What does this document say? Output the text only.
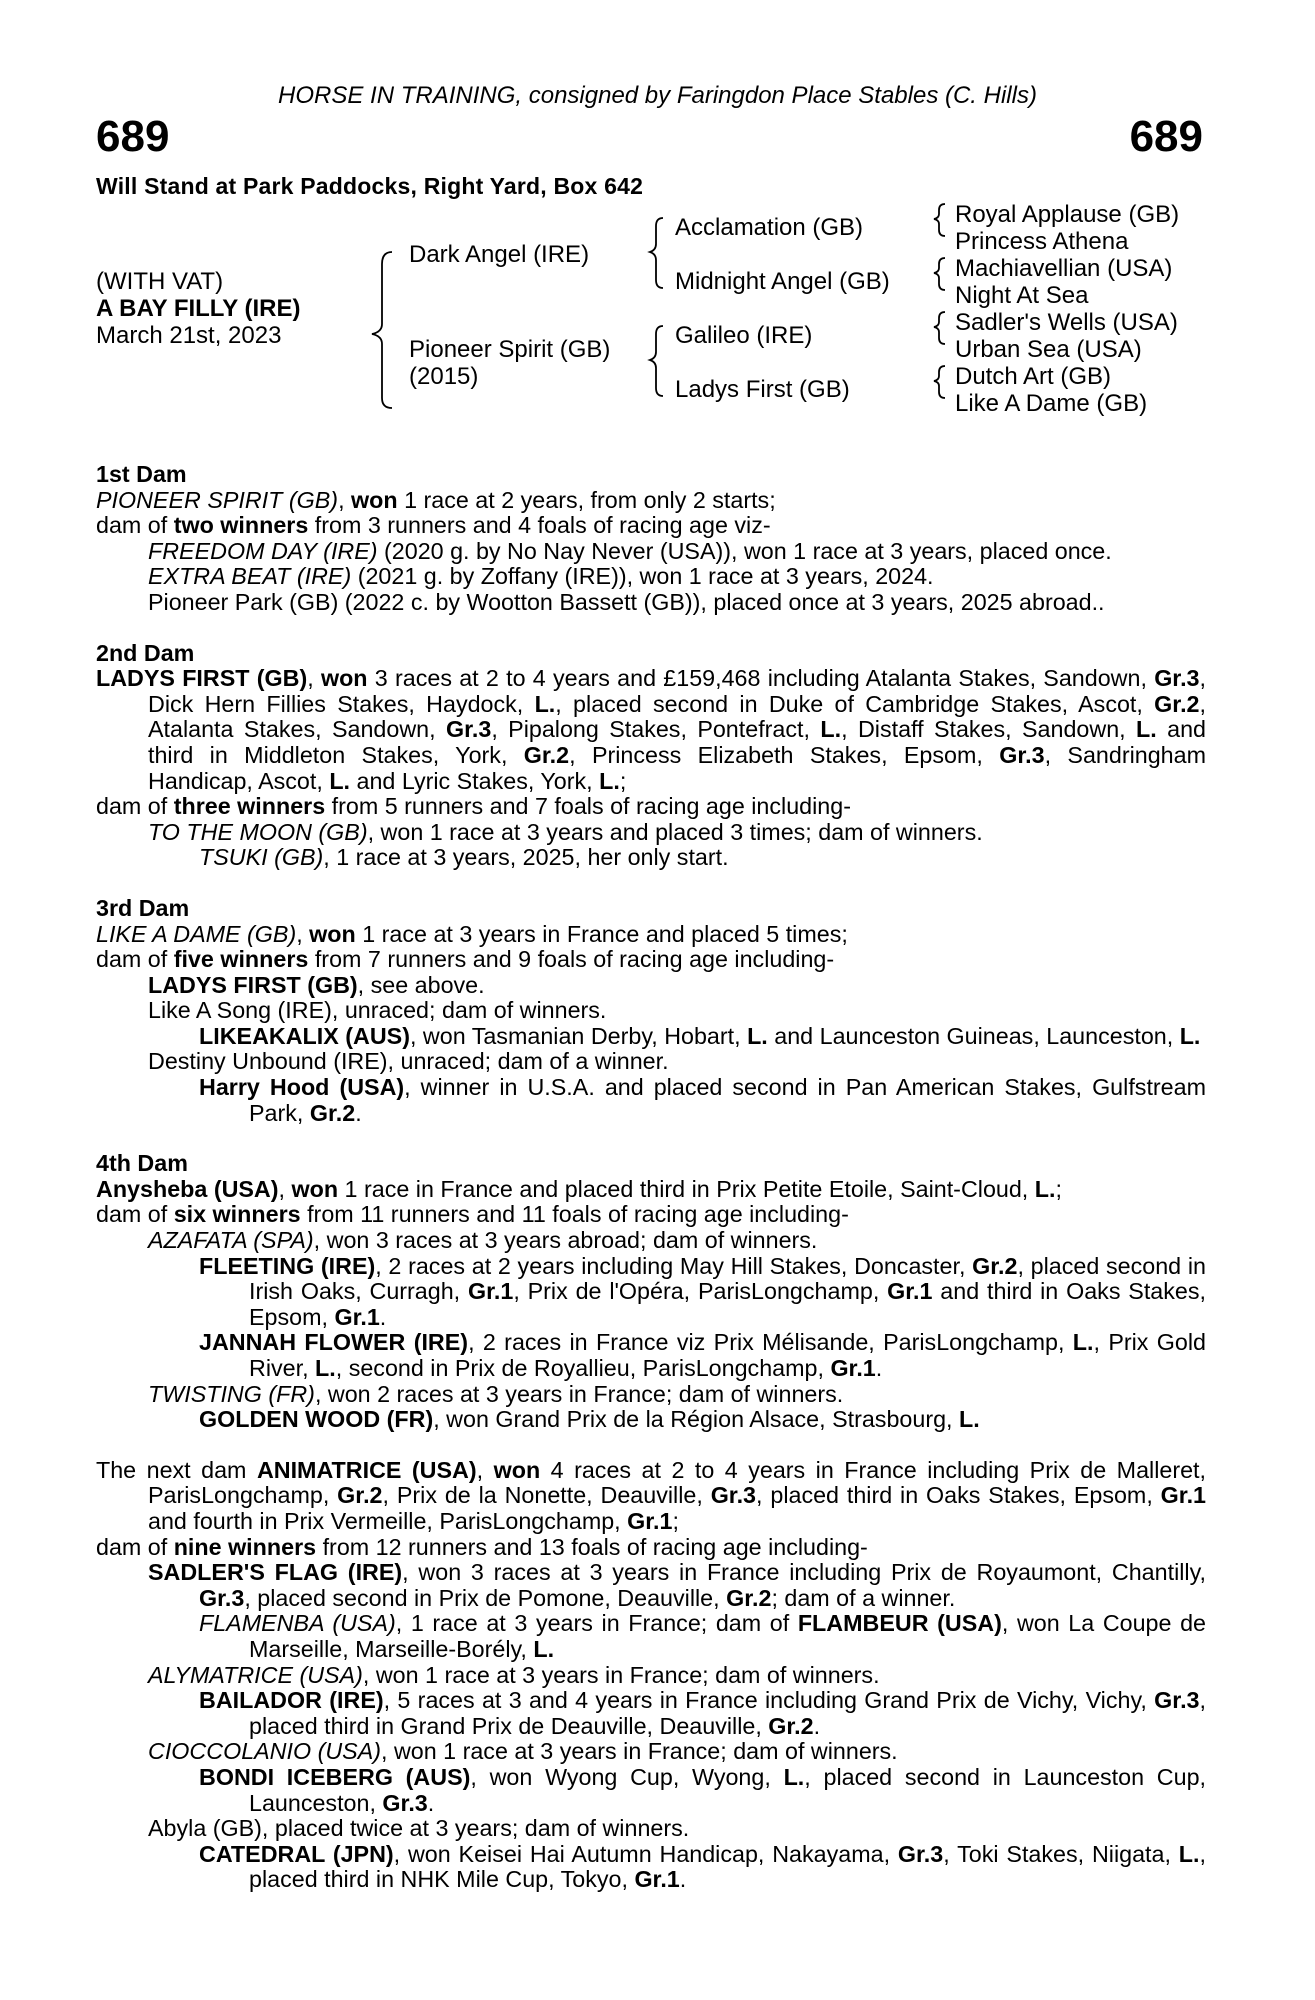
HORSE IN TRAINING, consigned by Faringdon Place Stables (C. Hills)

689	689

Will Stand at Park Paddocks, Right Yard, Box 642

(WITH VAT)

A BAY FILLY (IRE)

March 21st, 2023

Dark Angel (IRE)

Pioneer Spirit (GB)

(2015)

Acclamation (GB)

Midnight Angel (GB)

Galileo (IRE)

Ladys First (GB)

Royal Applause (GB)

Princess Athena

Machiavellian (USA)

Night At Sea

Sadler's Wells (USA)

Urban Sea (USA)

Dutch Art (GB)

Like A Dame (GB)

1st Dam

PIONEER SPIRIT (GB), won 1 race at 2 years, from only 2 starts;

dam of two winners from 3 runners and 4 foals of racing age viz-

FREEDOM DAY (IRE) (2020 g. by No Nay Never (USA)), won 1 race at 3 years, placed once.

EXTRA BEAT (IRE) (2021 g. by Zoffany (IRE)), won 1 race at 3 years, 2024.

Pioneer Park (GB) (2022 c. by Wootton Bassett (GB)), placed once at 3 years, 2025 abroad..

2nd Dam

LADYS FIRST (GB), won 3 races at 2 to 4 years and £159,468 including Atalanta Stakes, Sandown, Gr.3, Dick Hern Fillies Stakes, Haydock, L., placed second in Duke of Cambridge Stakes, Ascot, Gr.2, Atalanta Stakes, Sandown, Gr.3, Pipalong Stakes, Pontefract, L., Distaff Stakes, Sandown, L. and third in Middleton Stakes, York, Gr.2, Princess Elizabeth Stakes, Epsom, Gr.3, Sandringham Handicap, Ascot, L. and Lyric Stakes, York, L.;

dam of three winners from 5 runners and 7 foals of racing age including-

TO THE MOON (GB), won 1 race at 3 years and placed 3 times; dam of winners.

TSUKI (GB), 1 race at 3 years, 2025, her only start.

3rd Dam

LIKE A DAME (GB), won 1 race at 3 years in France and placed 5 times;

dam of five winners from 7 runners and 9 foals of racing age including-

LADYS FIRST (GB), see above.

Like A Song (IRE), unraced; dam of winners.

LIKEAKALIX (AUS), won Tasmanian Derby, Hobart, L. and Launceston Guineas, Launceston, L.

Destiny Unbound (IRE), unraced; dam of a winner.

Harry Hood (USA), winner in U.S.A. and placed second in Pan American Stakes, Gulfstream Park, Gr.2.

4th Dam

Anysheba (USA), won 1 race in France and placed third in Prix Petite Etoile, Saint-Cloud, L.;

dam of six winners from 11 runners and 11 foals of racing age including-

AZAFATA (SPA), won 3 races at 3 years abroad; dam of winners.

FLEETING (IRE), 2 races at 2 years including May Hill Stakes, Doncaster, Gr.2, placed second in Irish Oaks, Curragh, Gr.1, Prix de l'Opéra, ParisLongchamp, Gr.1 and third in Oaks Stakes, Epsom, Gr.1.

JANNAH FLOWER (IRE), 2 races in France viz Prix Mélisande, ParisLongchamp, L., Prix Gold River, L., second in Prix de Royallieu, ParisLongchamp, Gr.1.

TWISTING (FR), won 2 races at 3 years in France; dam of winners.

GOLDEN WOOD (FR), won Grand Prix de la Région Alsace, Strasbourg, L.

The next dam ANIMATRICE (USA), won 4 races at 2 to 4 years in France including Prix de Malleret, ParisLongchamp, Gr.2, Prix de la Nonette, Deauville, Gr.3, placed third in Oaks Stakes, Epsom, Gr.1 and fourth in Prix Vermeille, ParisLongchamp, Gr.1;

dam of nine winners from 12 runners and 13 foals of racing age including-

SADLER'S FLAG (IRE), won 3 races at 3 years in France including Prix de Royaumont, Chantilly, Gr.3, placed second in Prix de Pomone, Deauville, Gr.2; dam of a winner.

FLAMENBA (USA), 1 race at 3 years in France; dam of FLAMBEUR (USA), won La Coupe de Marseille, Marseille-Borély, L.

ALYMATRICE (USA), won 1 race at 3 years in France; dam of winners.

BAILADOR (IRE), 5 races at 3 and 4 years in France including Grand Prix de Vichy, Vichy, Gr.3, placed third in Grand Prix de Deauville, Deauville, Gr.2.

CIOCCOLANIO (USA), won 1 race at 3 years in France; dam of winners.

BONDI ICEBERG (AUS), won Wyong Cup, Wyong, L., placed second in Launceston Cup, Launceston, Gr.3.

Abyla (GB), placed twice at 3 years; dam of winners.

CATEDRAL (JPN), won Keisei Hai Autumn Handicap, Nakayama, Gr.3, Toki Stakes, Niigata, L., placed third in NHK Mile Cup, Tokyo, Gr.1.
